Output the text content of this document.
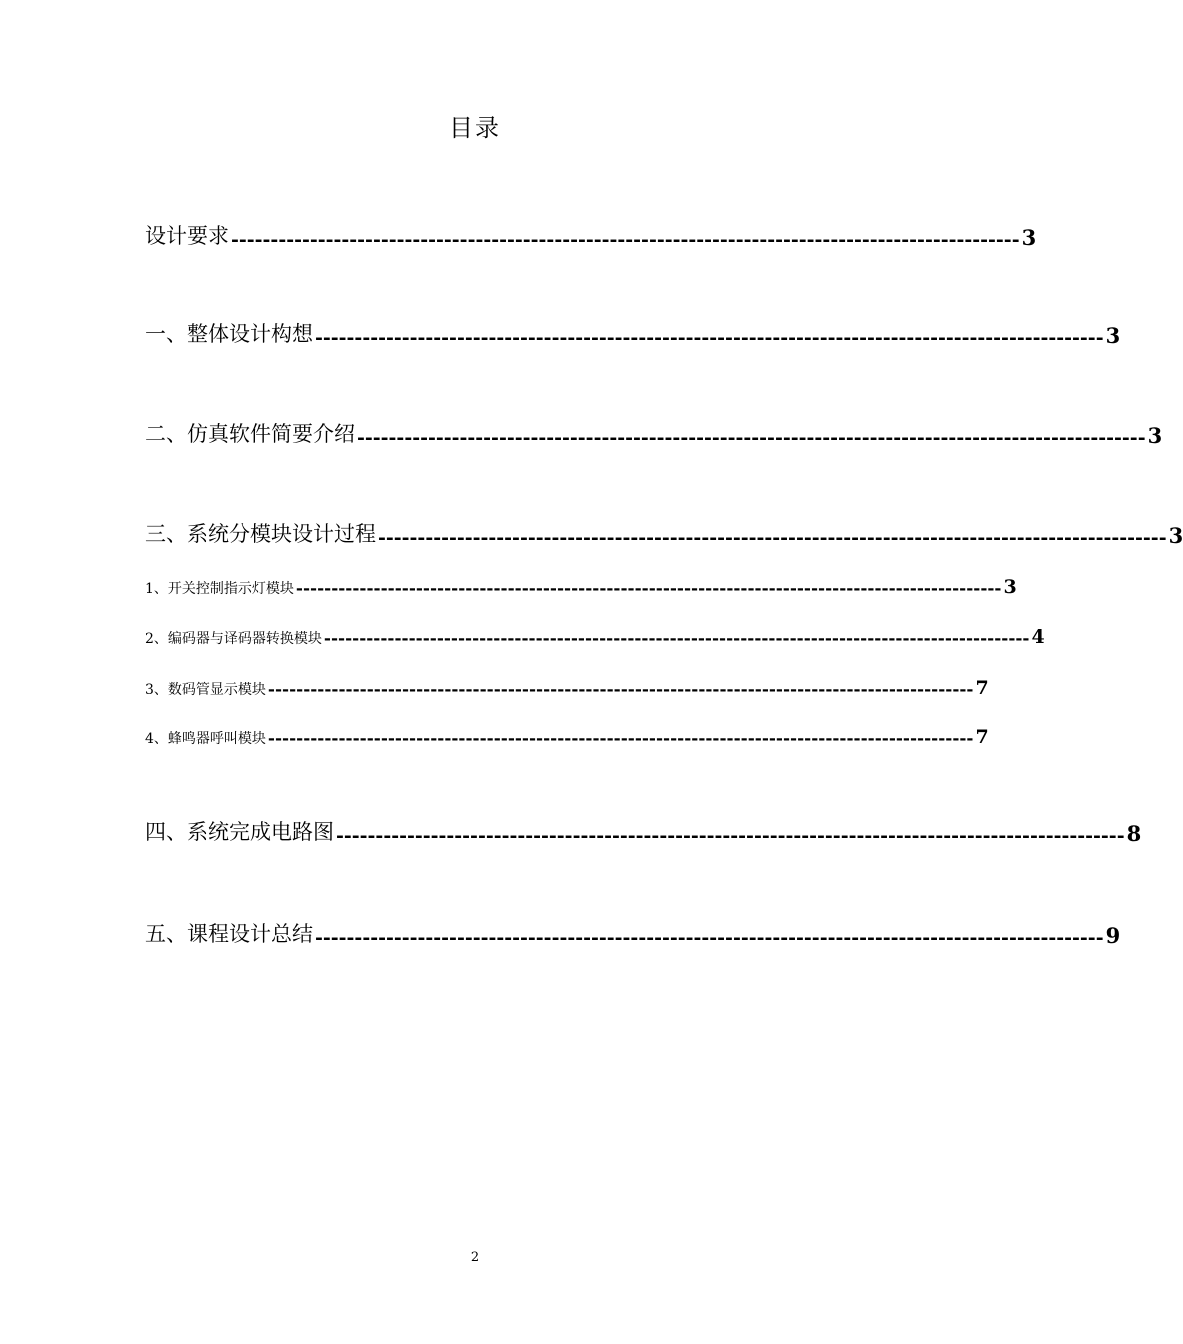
目录
设计要求 ---------------------------------------------------------------------------------------------------- 3
一、整体设计构想 ---------------------------------------------------------------------------------------------------- 3
二、仿真软件简要介绍 ---------------------------------------------------------------------------------------------------- 3
三、系统分模块设计过程 ---------------------------------------------------------------------------------------------------- 3
1、开关控制指示灯模块 ---------------------------------------------------------------------------------------------------- 3
2、编码器与译码器转换模块 ---------------------------------------------------------------------------------------------------- 4
3、数码管显示模块 ---------------------------------------------------------------------------------------------------- 7
4、蜂鸣器呼叫模块 ---------------------------------------------------------------------------------------------------- 7
四、系统完成电路图 ---------------------------------------------------------------------------------------------------- 8
五、课程设计总结 ---------------------------------------------------------------------------------------------------- 9
2
